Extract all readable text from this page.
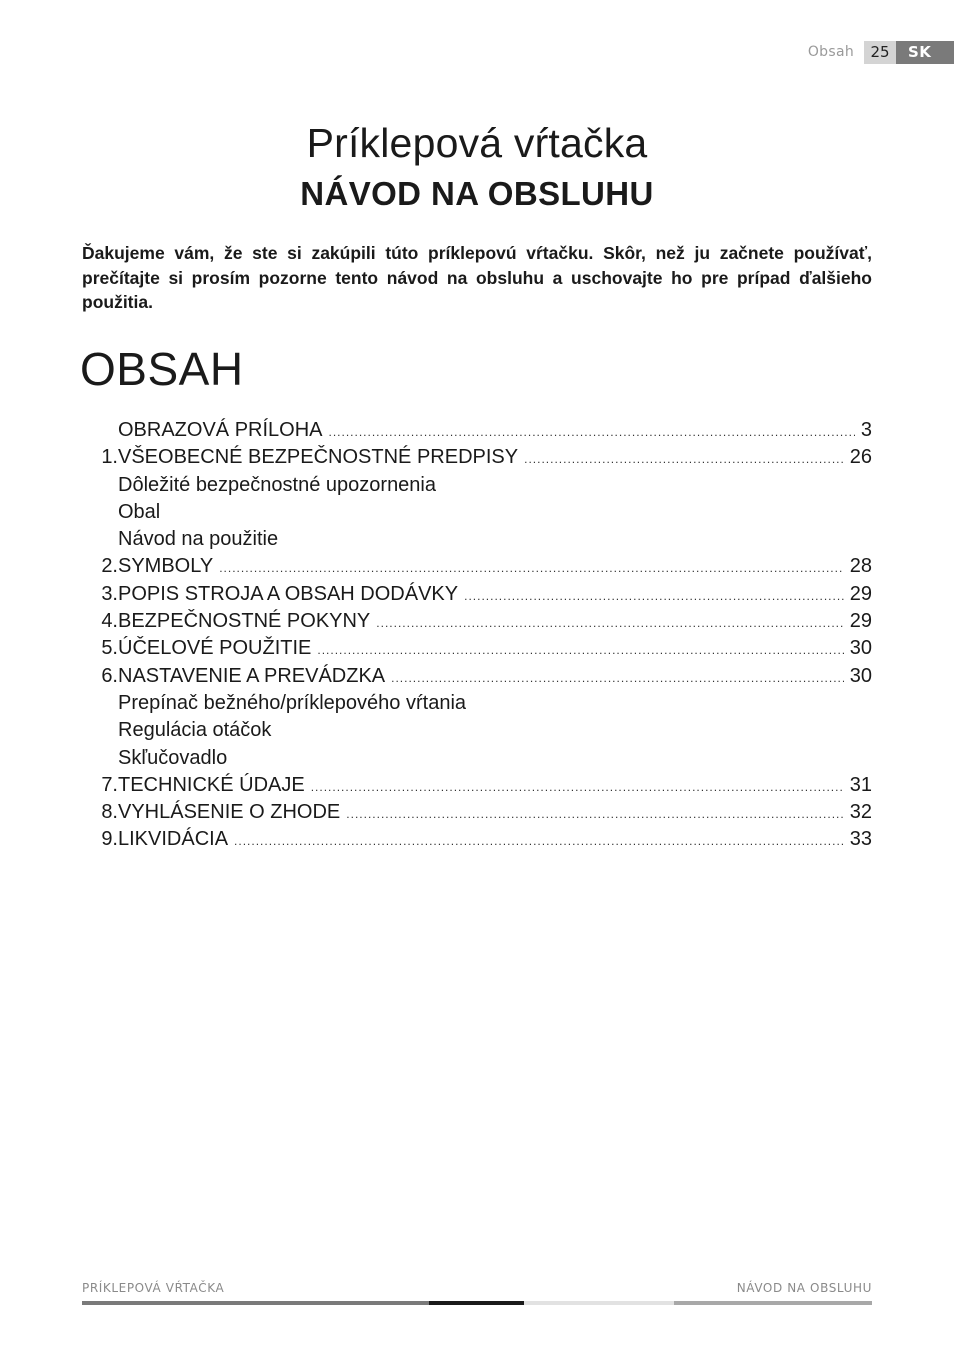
Obsah	25	SK
Príklepová vŕtačka
NÁVOD NA OBSLUHU

Ďakujeme vám, že ste si zakúpili túto príklepovú vŕtačku. Skôr, než ju začnete používať, prečítajte si prosím pozorne tento návod na obsluhu a uschovajte ho pre prípad ďalšieho použitia.

OBSAH
OBRAZOVÁ PRÍLOHA .....	3
1. VŠEOBECNÉ BEZPEČNOSTNÉ PREDPISY .....	26
Dôležité bezpečnostné upozornenia
Obal
Návod na použitie
2. SYMBOLY .....	28
3. POPIS STROJA A OBSAH DODÁVKY .....	29
4. BEZPEČNOSTNÉ POKYNY .....	29
5. ÚČELOVÉ POUŽITIE .....	30
6. NASTAVENIE A PREVÁDZKA .....	30
Prepínač bežného/príklepového vŕtania
Regulácia otáčok
Skľučovadlo
7. TECHNICKÉ ÚDAJE .....	31
8. VYHLÁSENIE O ZHODE .....	32
9. LIKVIDÁCIA .....	33
PRÍKLEPOVÁ VŔTAČKA	NÁVOD NA OBSLUHU
